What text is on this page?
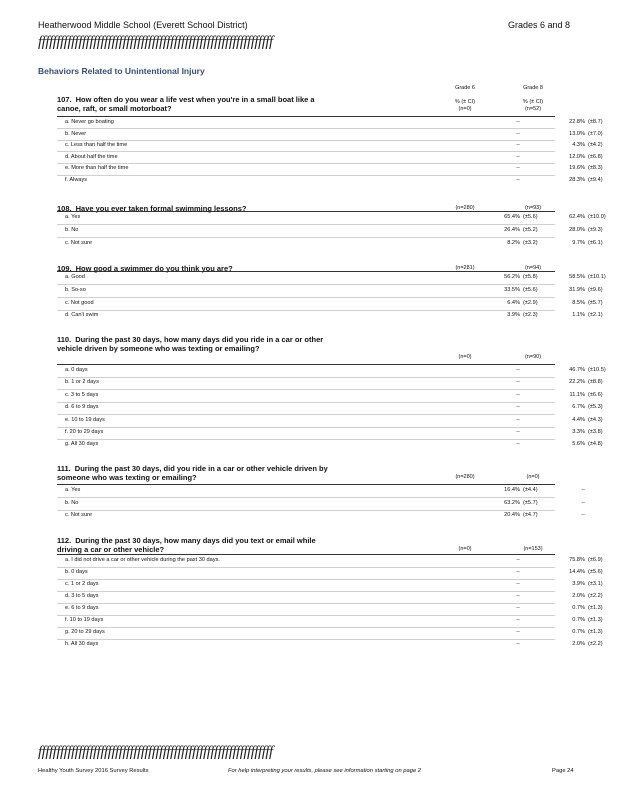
Heatherwood Middle School (Everett School District)	Grades 6 and 8
ffffffffffffffffffffffffffffffffffffffffffffffffffffffffffffffff
Behaviors Related to Unintentional Injury
Grade 6	Grade 8
107. How often do you wear a life vest when you're in a small boat like a canoe, raft, or small motorboat?
% (± CI)	% (± CI)
(n=0)	(n=52)
a. Never go boating	--	22.8% (±8.7)
b. Never	--	13.0% (±7.0)
c. Less than half the time	--	4.3% (±4.2)
d. About half the time	--	12.0% (±6.8)
e. More than half the time	--	19.6% (±8.3)
f. Always	--	28.3% (±9.4)
108. Have you ever taken formal swimming lessons?	(n=280)	(n=93)
a. Yes	65.4% (±5.6)	62.4% (±10.0)
b. No	26.4% (±5.2)	28.0% (±9.3)
c. Not sure	8.2% (±3.2)	9.7% (±6.1)
109. How good a swimmer do you think you are?	(n=281)	(n=94)
a. Good	56.2% (±5.8)	58.5% (±10.1)
b. So-so	33.5% (±5.6)	31.9% (±9.6)
c. Not good	6.4% (±2.9)	8.5% (±5.7)
d. Can't swim	3.9% (±2.3)	1.1% (±2.1)
110. During the past 30 days, how many days did you ride in a car or other vehicle driven by someone who was texting or emailing?
(n=0)	(n=90)
a. 0 days	--	46.7% (±10.5)
b. 1 or 2 days	--	22.2% (±8.8)
c. 3 to 5 days	--	11.1% (±6.6)
d. 6 to 9 days	--	6.7% (±5.3)
e. 10 to 19 days	--	4.4% (±4.3)
f. 20 to 29 days	--	3.3% (±3.8)
g. All 30 days	--	5.6% (±4.8)
111. During the past 30 days, did you ride in a car or other vehicle driven by someone who was texting or emailing?	(n=280)	(n=0)
a. Yes	16.4% (±4.4)	--
b. No	63.2% (±5.7)	--
c. Not sure	20.4% (±4.7)	--
112. During the past 30 days, how many days did you text or email while driving a car or other vehicle?	(n=0)	(n=153)
a. I did not drive a car or other vehicle during the past 30 days.	--	75.8% (±6.9)
b. 0 days	--	14.4% (±5.6)
c. 1 or 2 days	--	3.9% (±3.1)
d. 3 to 5 days	--	2.0% (±2.2)
e. 6 to 9 days	--	0.7% (±1.3)
f. 10 to 19 days	--	0.7% (±1.3)
g. 20 to 29 days	--	0.7% (±1.3)
h. All 30 days	--	2.0% (±2.2)
ffffffffffffffffffffffffffffffffffffffffffffffffffffffffffffffff
Healthy Youth Survey 2016 Survey Results	For help interpreting your results, please see information starting on page 2	Page 24
